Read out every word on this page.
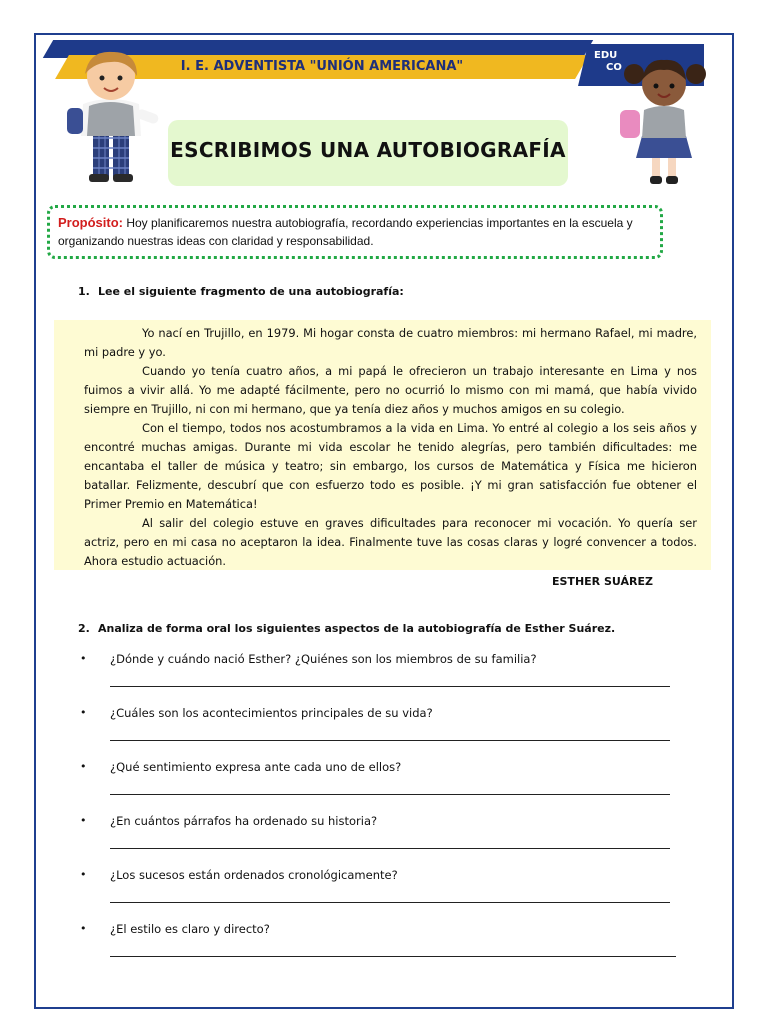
I. E. ADVENTISTA "UNIÓN AMERICANA"
EDU
CO
ESCRIBIMOS UNA AUTOBIOGRAFÍA
Propósito: Hoy planificaremos nuestra autobiografía, recordando experiencias importantes en la escuela y organizando nuestras ideas con claridad y responsabilidad.
1. Lee el siguiente fragmento de una autobiografía:

Yo nací en Trujillo, en 1979. Mi hogar consta de cuatro miembros: mi hermano Rafael, mi madre, mi padre y yo.

Cuando yo tenía cuatro años, a mi papá le ofrecieron un trabajo interesante en Lima y nos fuimos a vivir allá. Yo me adapté fácilmente, pero no ocurrió lo mismo con mi mamá, que había vivido siempre en Trujillo, ni con mi hermano, que ya tenía diez años y muchos amigos en su colegio.

Con el tiempo, todos nos acostumbramos a la vida en Lima. Yo entré al colegio a los seis años y encontré muchas amigas. Durante mi vida escolar he tenido alegrías, pero también dificultades: me encantaba el taller de música y teatro; sin embargo, los cursos de Matemática y Física me hicieron batallar. Felizmente, descubrí que con esfuerzo todo es posible. ¡Y mi gran satisfacción fue obtener el Primer Premio en Matemática!

Al salir del colegio estuve en graves dificultades para reconocer mi vocación. Yo quería ser actriz, pero en mi casa no aceptaron la idea. Finalmente tuve las cosas claras y logré convencer a todos. Ahora estudio actuación.

ESTHER SUÁREZ
2. Analiza de forma oral los siguientes aspectos de la autobiografía de Esther Suárez.
• ¿Dónde y cuándo nació Esther? ¿Quiénes son los miembros de su familia?
• ¿Cuáles son los acontecimientos principales de su vida?
• ¿Qué sentimiento expresa ante cada uno de ellos?
• ¿En cuántos párrafos ha ordenado su historia?
• ¿Los sucesos están ordenados cronológicamente?
• ¿El estilo es claro y directo?
